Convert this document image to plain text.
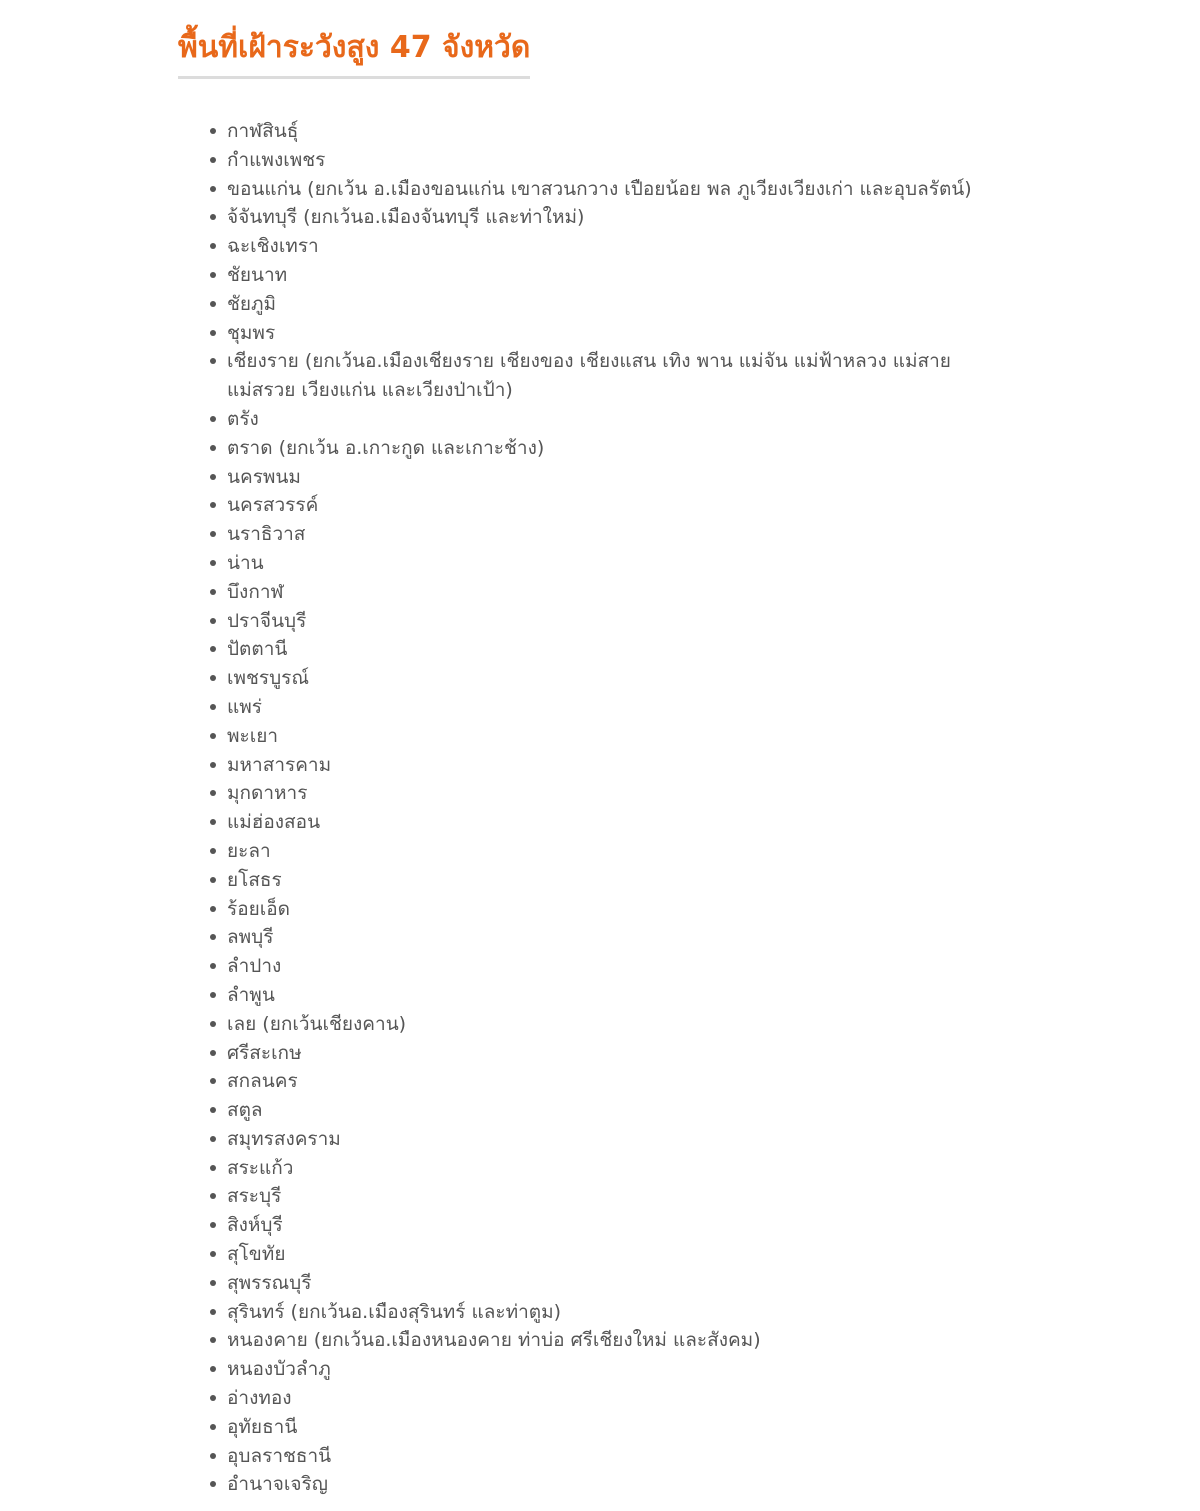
พื้นที่เฝ้าระวังสูง 47 จังหวัด
กาฬสินธุ์
กำแพงเพชร
ขอนแก่น (ยกเว้น อ.เมืองขอนแก่น เขาสวนกวาง เปือยน้อย พล ภูเวียงเวียงเก่า และอุบลรัตน์)
จ้จันทบุรี (ยกเว้นอ.เมืองจันทบุรี และท่าใหม่)
ฉะเชิงเทรา
ชัยนาท
ชัยภูมิ
ชุมพร
เชียงราย (ยกเว้นอ.เมืองเชียงราย เชียงของ เชียงแสน เทิง พาน แม่จัน แม่ฟ้าหลวง แม่สาย แม่สรวย เวียงแก่น และเวียงป่าเป้า)
ตรัง
ตราด (ยกเว้น อ.เกาะกูด และเกาะช้าง)
นครพนม
นครสวรรค์
นราธิวาส
น่าน
บึงกาฬ
ปราจีนบุรี
ปัตตานี
เพชรบูรณ์
แพร่
พะเยา
มหาสารคาม
มุกดาหาร
แม่ฮ่องสอน
ยะลา
ยโสธร
ร้อยเอ็ด
ลพบุรี
ลำปาง
ลำพูน
เลย (ยกเว้นเชียงคาน)
ศรีสะเกษ
สกลนคร
สตูล
สมุทรสงคราม
สระแก้ว
สระบุรี
สิงห์บุรี
สุโขทัย
สุพรรณบุรี
สุรินทร์ (ยกเว้นอ.เมืองสุรินทร์ และท่าตูม)
หนองคาย (ยกเว้นอ.เมืองหนองคาย ท่าบ่อ ศรีเชียงใหม่ และสังคม)
หนองบัวลำภู
อ่างทอง
อุทัยธานี
อุบลราชธานี
อำนาจเจริญ
